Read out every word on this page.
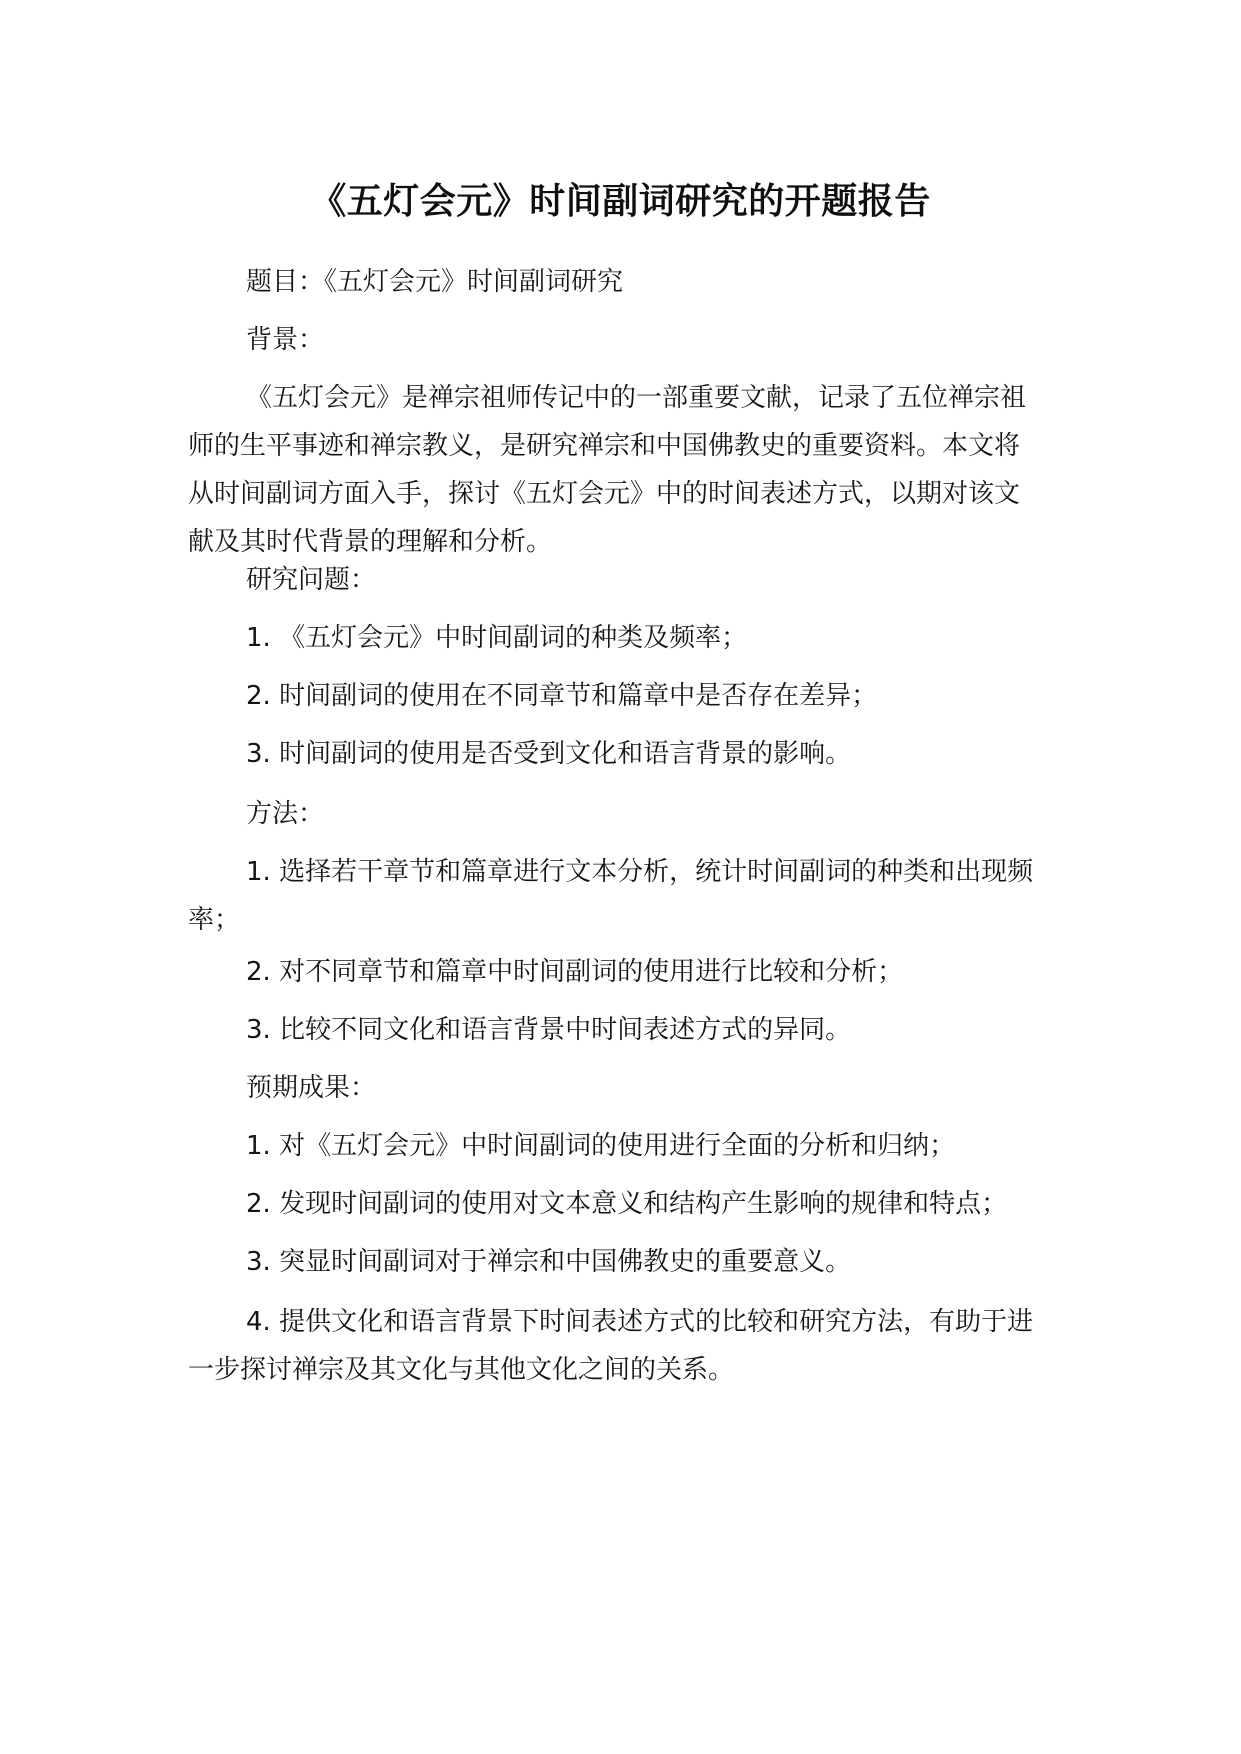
《五灯会元》时间副词研究的开题报告

题目：《五灯会元》时间副词研究

背景：

《五灯会元》是禅宗祖师传记中的一部重要文献，记录了五位禅宗祖师的生平事迹和禅宗教义，是研究禅宗和中国佛教史的重要资料。本文将从时间副词方面入手，探讨《五灯会元》中的时间表述方式，以期对该文献及其时代背景的理解和分析。

研究问题：

1. 《五灯会元》中时间副词的种类及频率；

2. 时间副词的使用在不同章节和篇章中是否存在差异；

3. 时间副词的使用是否受到文化和语言背景的影响。

方法：

1. 选择若干章节和篇章进行文本分析，统计时间副词的种类和出现频率；

2. 对不同章节和篇章中时间副词的使用进行比较和分析；

3. 比较不同文化和语言背景中时间表述方式的异同。

预期成果：

1. 对《五灯会元》中时间副词的使用进行全面的分析和归纳；

2. 发现时间副词的使用对文本意义和结构产生影响的规律和特点；

3. 突显时间副词对于禅宗和中国佛教史的重要意义。

4. 提供文化和语言背景下时间表述方式的比较和研究方法，有助于进一步探讨禅宗及其文化与其他文化之间的关系。
